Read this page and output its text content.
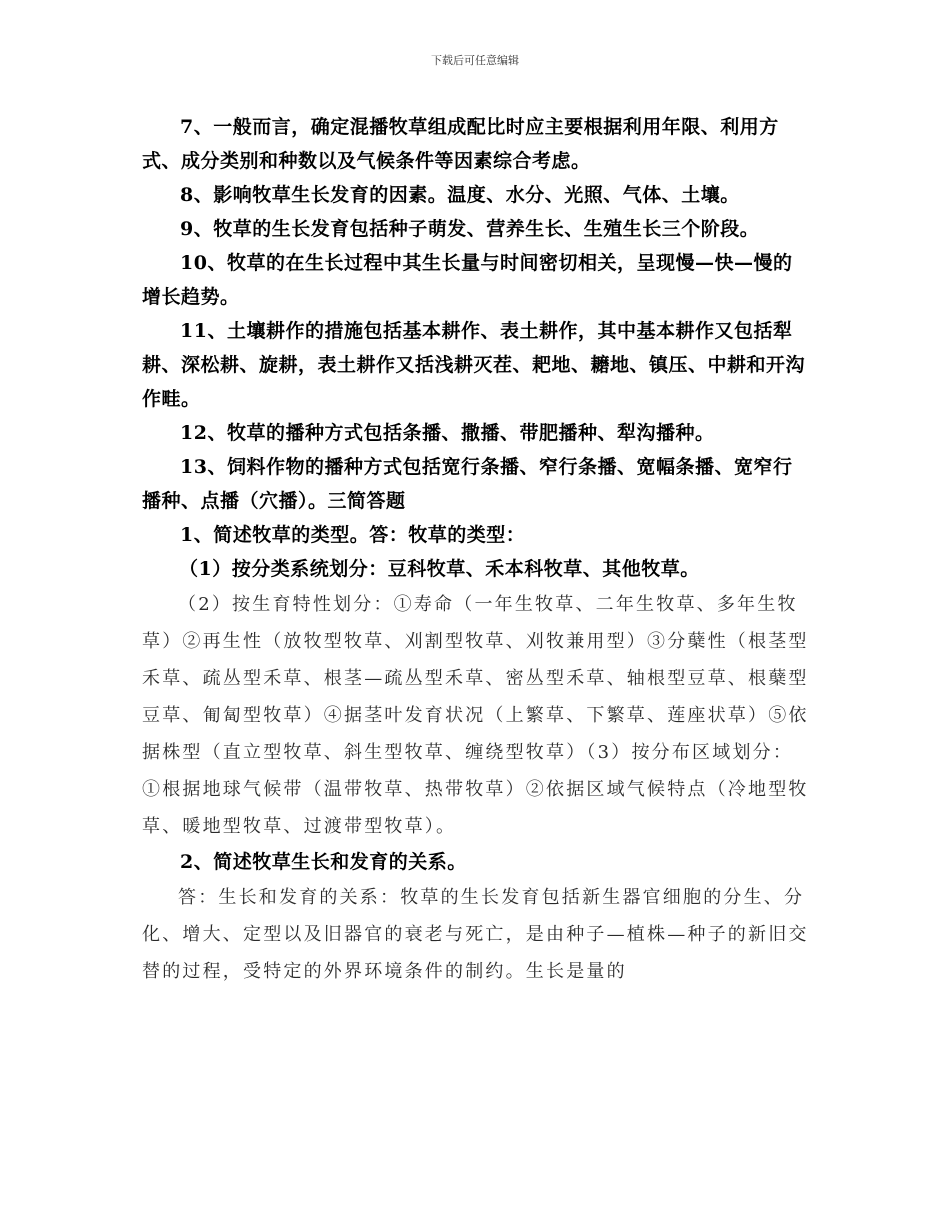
下载后可任意编辑

7、一般而言，确定混播牧草组成配比时应主要根据利用年限、利用方式、成分类别和种数以及气候条件等因素综合考虑。

8、影响牧草生长发育的因素。温度、水分、光照、气体、土壤。

9、牧草的生长发育包括种子萌发、营养生长、生殖生长三个阶段。

10、牧草的在生长过程中其生长量与时间密切相关，呈现慢—快—慢的增长趋势。

11、土壤耕作的措施包括基本耕作、表土耕作，其中基本耕作又包括犁耕、深松耕、旋耕，表土耕作又括浅耕灭茬、耙地、耱地、镇压、中耕和开沟作畦。

12、牧草的播种方式包括条播、撒播、带肥播种、犁沟播种。

13、饲料作物的播种方式包括宽行条播、窄行条播、宽幅条播、宽窄行播种、点播（穴播）。三简答题

1、简述牧草的类型。答：牧草的类型：

（1）按分类系统划分：豆科牧草、禾本科牧草、其他牧草。

（2）按生育特性划分：①寿命（一年生牧草、二年生牧草、多年生牧草）②再生性（放牧型牧草、刈割型牧草、刈牧兼用型）③分蘖性（根茎型禾草、疏丛型禾草、根茎—疏丛型禾草、密丛型禾草、轴根型豆草、根蘖型豆草、匍匐型牧草）④据茎叶发育状况（上繁草、下繁草、莲座状草）⑤依据株型（直立型牧草、斜生型牧草、缠绕型牧草）（3）按分布区域划分：①根据地球气候带（温带牧草、热带牧草）②依据区域气候特点（冷地型牧草、暖地型牧草、过渡带型牧草）。

2、简述牧草生长和发育的关系。

答：生长和发育的关系：牧草的生长发育包括新生器官细胞的分生、分化、增大、定型以及旧器官的衰老与死亡，是由种子—植株—种子的新旧交替的过程，受特定的外界环境条件的制约。生长是量的
